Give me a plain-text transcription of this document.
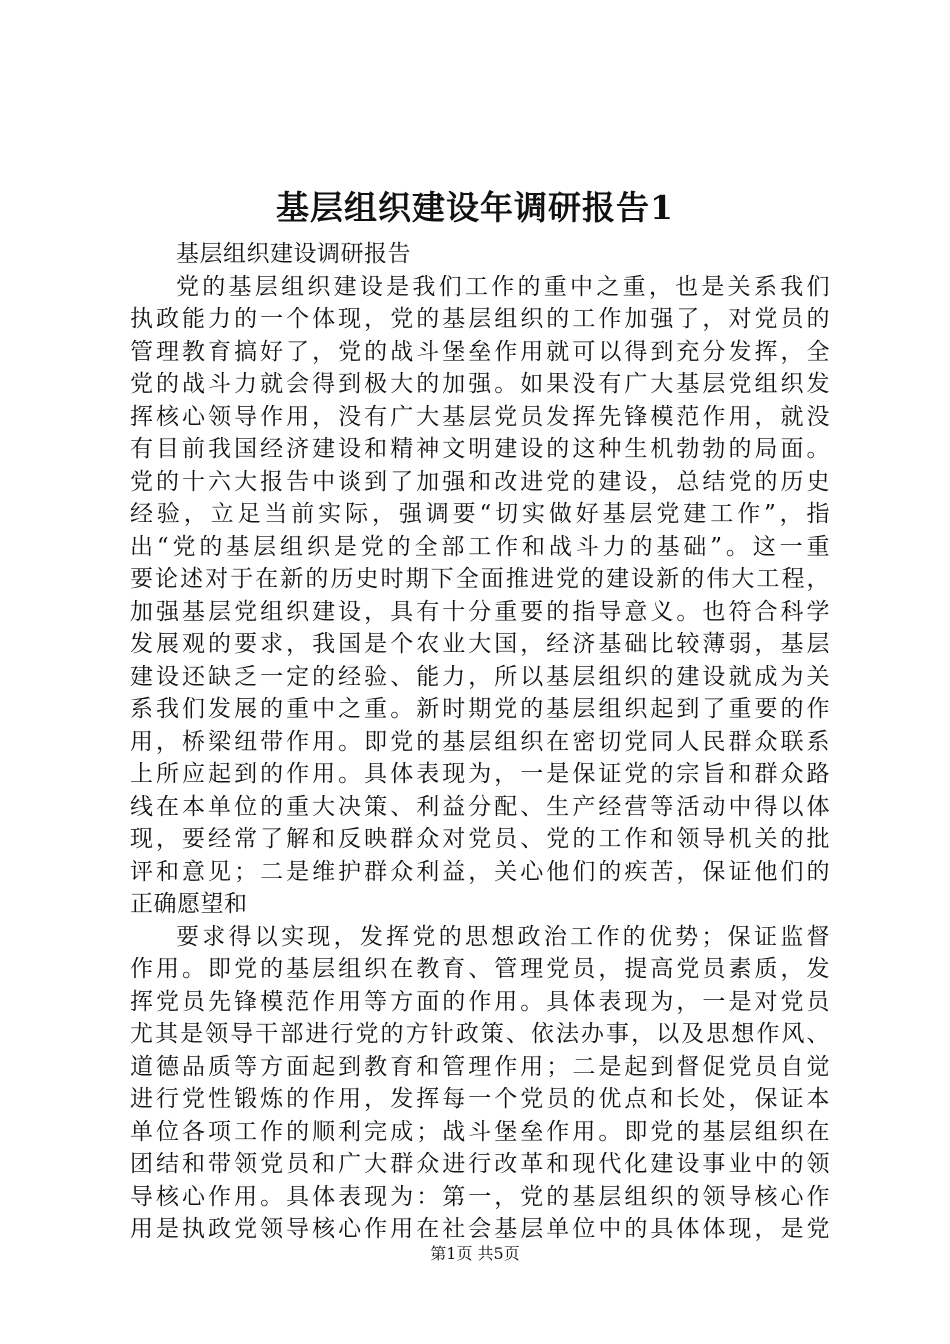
基层组织建设年调研报告1
基层组织建设调研报告
党的基层组织建设是我们工作的重中之重，也是关系我们
执政能力的一个体现，党的基层组织的工作加强了，对党员的
管理教育搞好了，党的战斗堡垒作用就可以得到充分发挥，全
党的战斗力就会得到极大的加强。如果没有广大基层党组织发
挥核心领导作用，没有广大基层党员发挥先锋模范作用，就没
有目前我国经济建设和精神文明建设的这种生机勃勃的局面。
党的十六大报告中谈到了加强和改进党的建设，总结党的历史
经验，立足当前实际，强调要“切实做好基层党建工作”，指
出“党的基层组织是党的全部工作和战斗力的基础”。这一重
要论述对于在新的历史时期下全面推进党的建设新的伟大工程，
加强基层党组织建设，具有十分重要的指导意义。也符合科学
发展观的要求，我国是个农业大国，经济基础比较薄弱，基层
建设还缺乏一定的经验、能力，所以基层组织的建设就成为关
系我们发展的重中之重。新时期党的基层组织起到了重要的作
用，桥梁纽带作用。即党的基层组织在密切党同人民群众联系
上所应起到的作用。具体表现为，一是保证党的宗旨和群众路
线在本单位的重大决策、利益分配、生产经营等活动中得以体
现，要经常了解和反映群众对党员、党的工作和领导机关的批
评和意见；二是维护群众利益，关心他们的疾苦，保证他们的
正确愿望和
要求得以实现，发挥党的思想政治工作的优势；保证监督
作用。即党的基层组织在教育、管理党员，提高党员素质，发
挥党员先锋模范作用等方面的作用。具体表现为，一是对党员
尤其是领导干部进行党的方针政策、依法办事，以及思想作风、
道德品质等方面起到教育和管理作用；二是起到督促党员自觉
进行党性锻炼的作用，发挥每一个党员的优点和长处，保证本
单位各项工作的顺利完成；战斗堡垒作用。即党的基层组织在
团结和带领党员和广大群众进行改革和现代化建设事业中的领
导核心作用。具体表现为：第一，党的基层组织的领导核心作
用是执政党领导核心作用在社会基层单位中的具体体现，是党
第1页 共5页
